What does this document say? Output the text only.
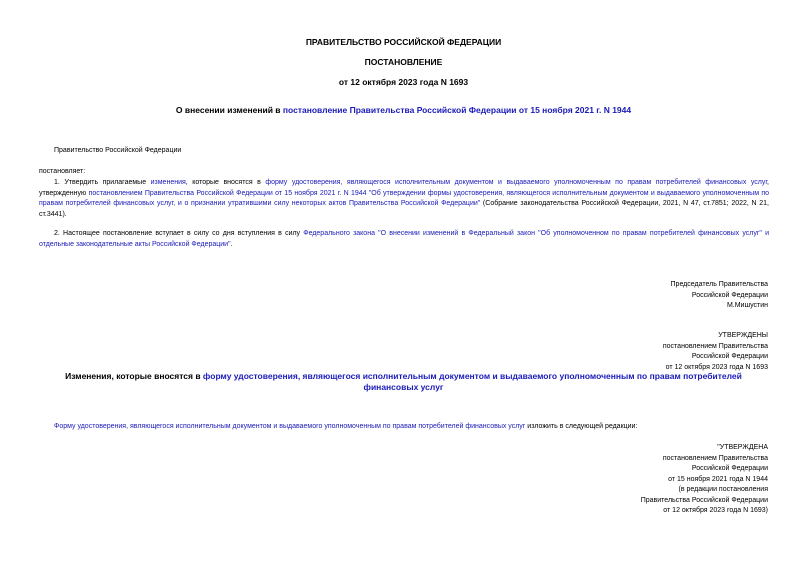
ПРАВИТЕЛЬСТВО РОССИЙСКОЙ ФЕДЕРАЦИИ
ПОСТАНОВЛЕНИЕ
от 12 октября 2023 года N 1693
О внесении изменений в постановление Правительства Российской Федерации от 15 ноября 2021 г. N 1944
Правительство Российской Федерации
постановляет:
1. Утвердить прилагаемые изменения, которые вносятся в форму удостоверения, являющегося исполнительным документом и выдаваемого уполномоченным по правам потребителей финансовых услуг, утвержденную постановлением Правительства Российской Федерации от 15 ноября 2021 г. N 1944 "Об утверждении формы удостоверения, являющегося исполнительным документом и выдаваемого уполномоченным по правам потребителей финансовых услуг, и о признании утратившими силу некоторых актов Правительства Российской Федерации" (Собрание законодательства Российской Федерации, 2021, N 47, ст.7851; 2022, N 21, ст.3441).
2. Настоящее постановление вступает в силу со дня вступления в силу Федерального закона "О внесении изменений в Федеральный закон "Об уполномоченном по правам потребителей финансовых услуг" и отдельные законодательные акты Российской Федерации".
Председатель Правительства
Российской Федерации
М.Мишустин
УТВЕРЖДЕНЫ
постановлением Правительства
Российской Федерации
от 12 октября 2023 года N 1693
Изменения, которые вносятся в форму удостоверения, являющегося исполнительным документом и выдаваемого уполномоченным по правам потребителей финансовых услуг
Форму удостоверения, являющегося исполнительным документом и выдаваемого уполномоченным по правам потребителей финансовых услуг изложить в следующей редакции:
"УТВЕРЖДЕНА
постановлением Правительства
Российской Федерации
от 15 ноября 2021 года N 1944
(в редакции постановления
Правительства Российской Федерации
от 12 октября 2023 года N 1693)
